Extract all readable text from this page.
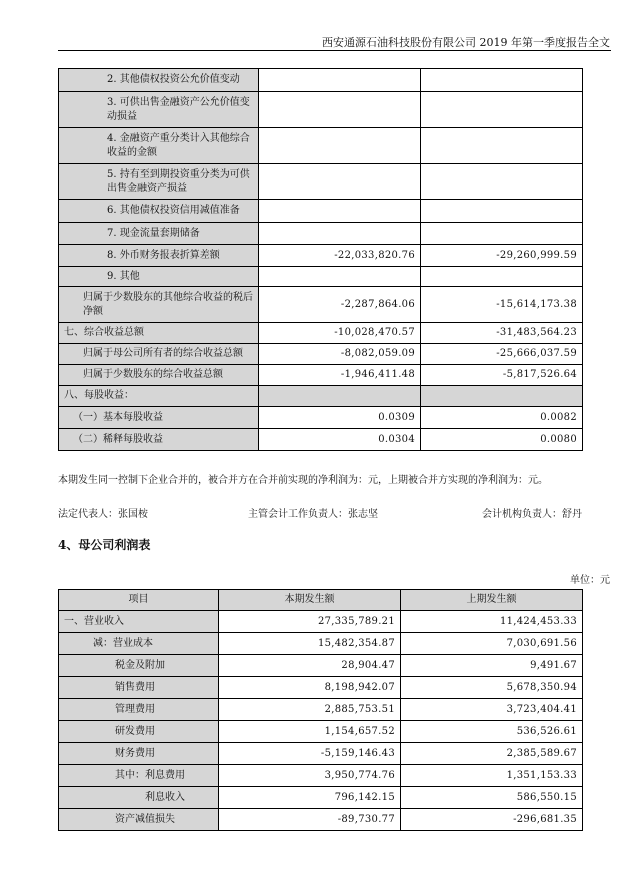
西安通源石油科技股份有限公司 2019 年第一季度报告全文
2. 其他债权投资公允价值变动		
3. 可供出售金融资产公允价值变动损益		
4. 金融资产重分类计入其他综合收益的金额		
5. 持有至到期投资重分类为可供出售金融资产损益		
6. 其他债权投资信用减值准备		
7. 现金流量套期储备		
8. 外币财务报表折算差额	-22,033,820.76	-29,260,999.59
9. 其他		
归属于少数股东的其他综合收益的税后净额	-2,287,864.06	-15,614,173.38
七、综合收益总额	-10,028,470.57	-31,483,564.23
归属于母公司所有者的综合收益总额	-8,082,059.09	-25,666,037.59
归属于少数股东的综合收益总额	-1,946,411.48	-5,817,526.64
八、每股收益：		
（一）基本每股收益	0.0309	0.0082
（二）稀释每股收益	0.0304	0.0080
本期发生同一控制下企业合并的，被合并方在合并前实现的净利润为：元，上期被合并方实现的净利润为：元。
法定代表人：张国桉	主管会计工作负责人：张志坚	会计机构负责人：舒丹
4、母公司利润表
单位：元
项目	本期发生额	上期发生额
一、营业收入	27,335,789.21	11,424,453.33
减：营业成本	15,482,354.87	7,030,691.56
税金及附加	28,904.47	9,491.67
销售费用	8,198,942.07	5,678,350.94
管理费用	2,885,753.51	3,723,404.41
研发费用	1,154,657.52	536,526.61
财务费用	-5,159,146.43	2,385,589.67
其中：利息费用	3,950,774.76	1,351,153.33
利息收入	796,142.15	586,550.15
资产减值损失	-89,730.77	-296,681.35
